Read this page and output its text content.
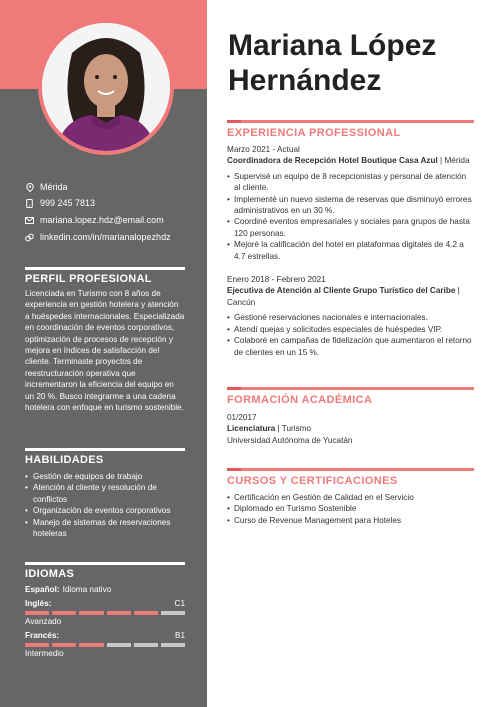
Mérida
999 245 7813
mariana.lopez.hdz@email.com
linkedin.com/in/marianalopezhdz
PERFIL PROFESIONAL
Licenciada en Turismo con 8 años de experiencia en gestión hotelera y atención a huéspedes internacionales. Especializada en coordinación de eventos corporativos, optimización de procesos de recepción y mejora en índices de satisfacción del cliente. Terminaste proyectos de reestructuración operativa que incrementaron la eficiencia del equipo en un 20 %. Busco integrarme a una cadena hotelera con enfoque en turismo sostenible.
HABILIDADES
• Gestión de equipos de trabajo
• Atención al cliente y resolución de conflictos
• Organización de eventos corporativos
• Manejo de sistemas de reservaciones hoteleras
IDIOMAS
Español: Idioma nativo
Inglés:	C1
Avanzado
Francés:	B1
Intermedio
Mariana López
Hernández
EXPERIENCIA PROFESSIONAL
Marzo 2021 - Actual
Coordinadora de Recepción Hotel Boutique Casa Azul | Mérida
• Supervisé un equipo de 8 recepcionistas y personal de atención al cliente.
• Implementé un nuevo sistema de reservas que disminuyó errores administrativos en un 30 %.
• Coordiné eventos empresariales y sociales para grupos de hasta 120 personas.
• Mejoré la calificación del hotel en plataformas digitales de 4.2 a 4.7 estrellas.
Enero 2018 - Febrero 2021
Ejecutiva de Atención al Cliente Grupo Turístico del Caribe | Cancún
• Gestioné reservaciones nacionales e internacionales.
• Atendí quejas y solicitudes especiales de huéspedes VIP.
• Colaboré en campañas de fidelización que aumentaron el retorno de clientes en un 15 %.
FORMACIÓN ACADÉMICA
01/2017
Licenciatura | Turismo
Universidad Autónoma de Yucatán
CURSOS Y CERTIFICACIONES
• Certificación en Gestión de Calidad en el Servicio
• Diplomado en Turismo Sostenible
• Curso de Revenue Management para Hoteles
